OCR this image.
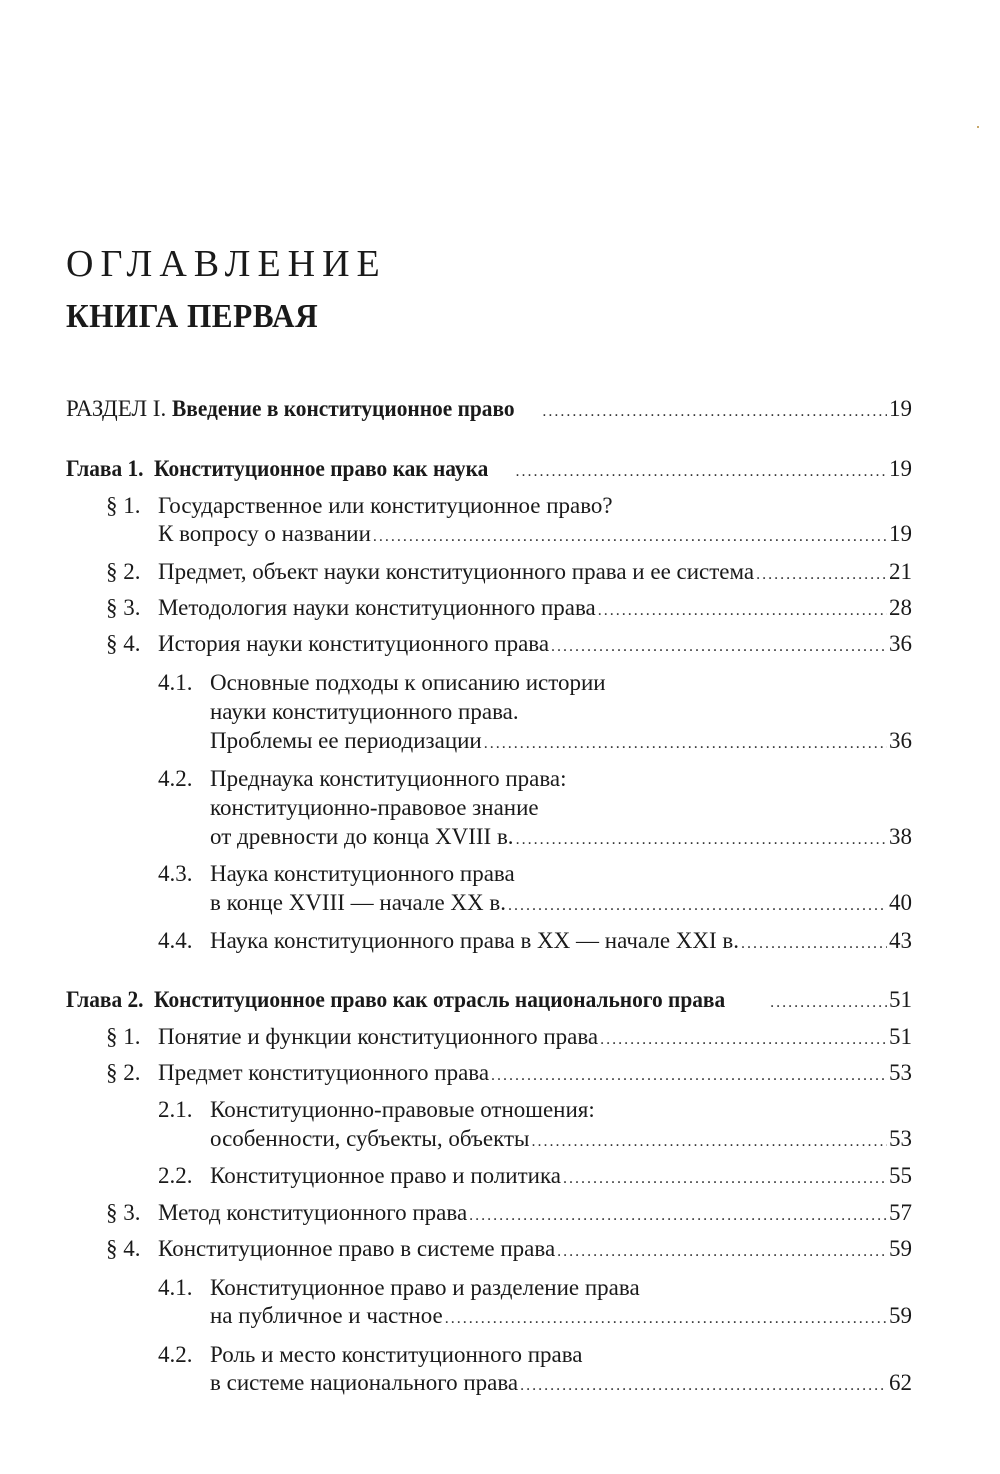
ОГЛАВЛЕНИЕ
КНИГА ПЕРВАЯ
РАЗДЕЛ I. Введение в конституционное право .....	19
Глава 1. Конституционное право как наука .....	19
§ 1. Государственное или конституционное право?
К вопросу о названии .....	19
§ 2. Предмет, объект науки конституционного права и ее система .....	21
§ 3. Методология науки конституционного права .....	28
§ 4. История науки конституционного права .....	36
4.1. Основные подходы к описанию истории
науки конституционного права.
Проблемы ее периодизации .....	36
4.2. Преднаука конституционного права:
конституционно-правовое знание
от древности до конца XVIII в. .....	38
4.3. Наука конституционного права
в конце XVIII — начале XX в. .....	40
4.4. Наука конституционного права в XX — начале XXI в. .....	43
Глава 2. Конституционное право как отрасль национального права .....	51
§ 1. Понятие и функции конституционного права .....	51
§ 2. Предмет конституционного права .....	53
2.1. Конституционно-правовые отношения:
особенности, субъекты, объекты .....	53
2.2. Конституционное право и политика .....	55
§ 3. Метод конституционного права .....	57
§ 4. Конституционное право в системе права .....	59
4.1. Конституционное право и разделение права
на публичное и частное .....	59
4.2. Роль и место конституционного права
в системе национального права .....	62
